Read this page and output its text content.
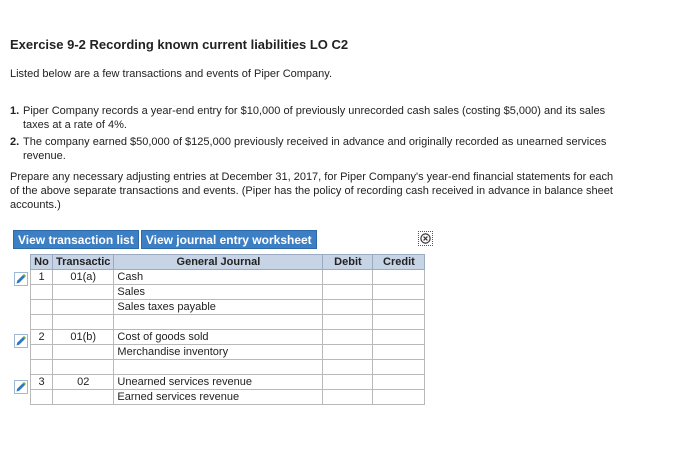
Exercise 9-2 Recording known current liabilities LO C2

Listed below are a few transactions and events of Piper Company.

1. Piper Company records a year-end entry for $10,000 of previously unrecorded cash sales (costing $5,000) and its sales taxes at a rate of 4%.
2. The company earned $50,000 of $125,000 previously received in advance and originally recorded as unearned services revenue.

Prepare any necessary adjusting entries at December 31, 2017, for Piper Company's year-end financial statements for each of the above separate transactions and events. (Piper has the policy of recording cash received in advance in balance sheet accounts.)

View transaction list View journal entry worksheet
No	Transactic	General Journal	Debit	Credit
1	01(a)	Cash		
		Sales		
		Sales taxes payable		

2	01(b)	Cost of goods sold		
		Merchandise inventory		

3	02	Unearned services revenue		
		Earned services revenue		
